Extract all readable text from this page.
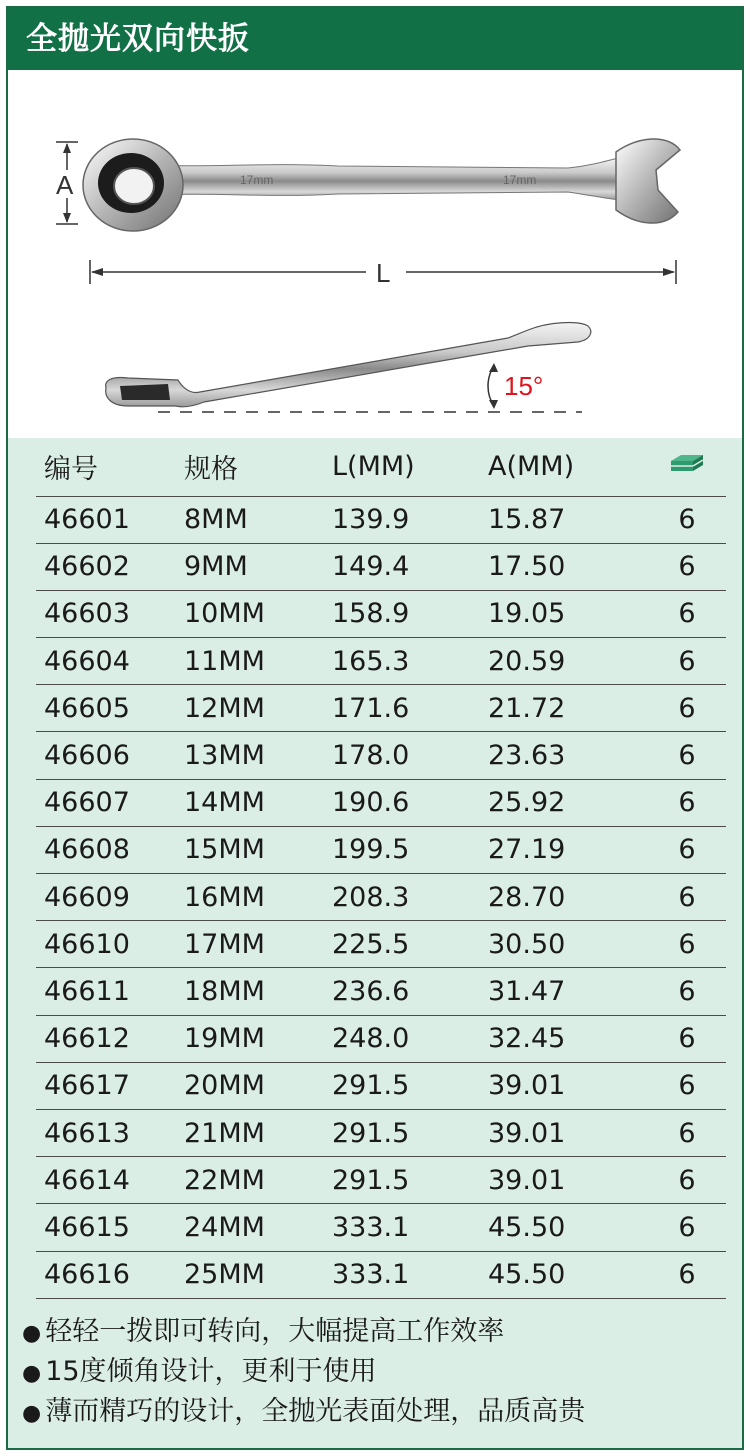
全抛光双向快扳
A	17mm	17mm
L
15°
编号	规格	L(MM)	A(MM)	
46601	8MM	139.9	15.87	6
46602	9MM	149.4	17.50	6
46603	10MM	158.9	19.05	6
46604	11MM	165.3	20.59	6
46605	12MM	171.6	21.72	6
46606	13MM	178.0	23.63	6
46607	14MM	190.6	25.92	6
46608	15MM	199.5	27.19	6
46609	16MM	208.3	28.70	6
46610	17MM	225.5	30.50	6
46611	18MM	236.6	31.47	6
46612	19MM	248.0	32.45	6
46617	20MM	291.5	39.01	6
46613	21MM	291.5	39.01	6
46614	22MM	291.5	39.01	6
46615	24MM	333.1	45.50	6
46616	25MM	333.1	45.50	6
● 轻轻一拨即可转向，大幅提高工作效率
● 15度倾角设计，更利于使用
● 薄而精巧的设计，全抛光表面处理，品质高贵
